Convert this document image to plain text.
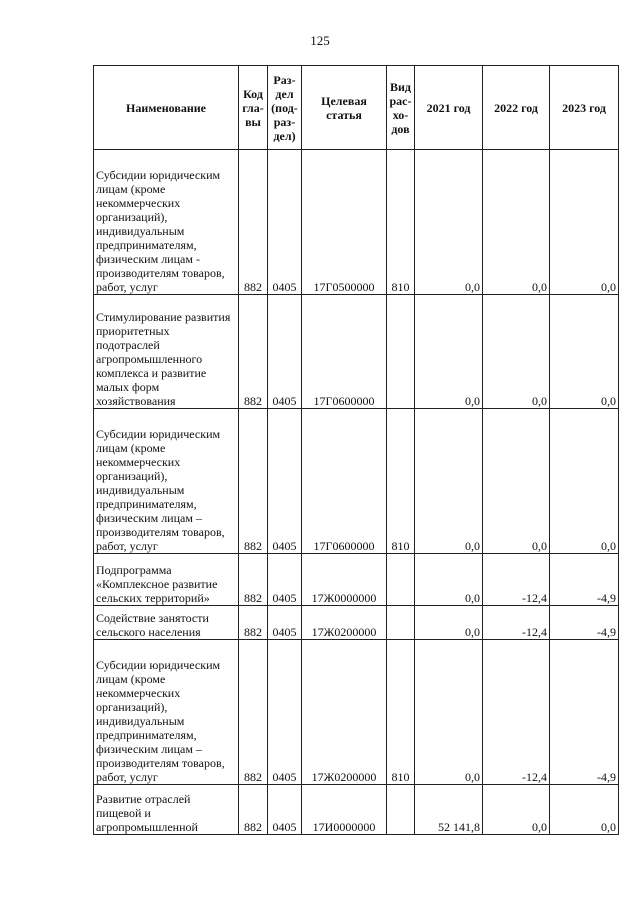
125
Наименование	Код гла-вы	Раз-дел (под-раз-дел)	Целевая статья	Вид рас-хо-дов	2021 год	2022 год	2023 год
Субсидии юридическим лицам (кроме некоммерческих организаций), индивидуальным предпринимателям, физическим лицам - производителям товаров, работ, услуг	882	0405	17Г0500000	810	0,0	0,0	0,0
Стимулирование развития приоритетных подотраслей агропромышленного комплекса и развитие малых форм хозяйствования	882	0405	17Г0600000		0,0	0,0	0,0
Субсидии юридическим лицам (кроме некоммерческих организаций), индивидуальным предпринимателям, физическим лицам – производителям товаров, работ, услуг	882	0405	17Г0600000	810	0,0	0,0	0,0
Подпрограмма «Комплексное развитие сельских территорий»	882	0405	17Ж0000000		0,0	-12,4	-4,9
Содействие занятости сельского населения	882	0405	17Ж0200000		0,0	-12,4	-4,9
Субсидии юридическим лицам (кроме некоммерческих организаций), индивидуальным предпринимателям, физическим лицам – производителям товаров, работ, услуг	882	0405	17Ж0200000	810	0,0	-12,4	-4,9
Развитие отраслей пищевой и агропромышленной	882	0405	17И0000000		52 141,8	0,0	0,0
